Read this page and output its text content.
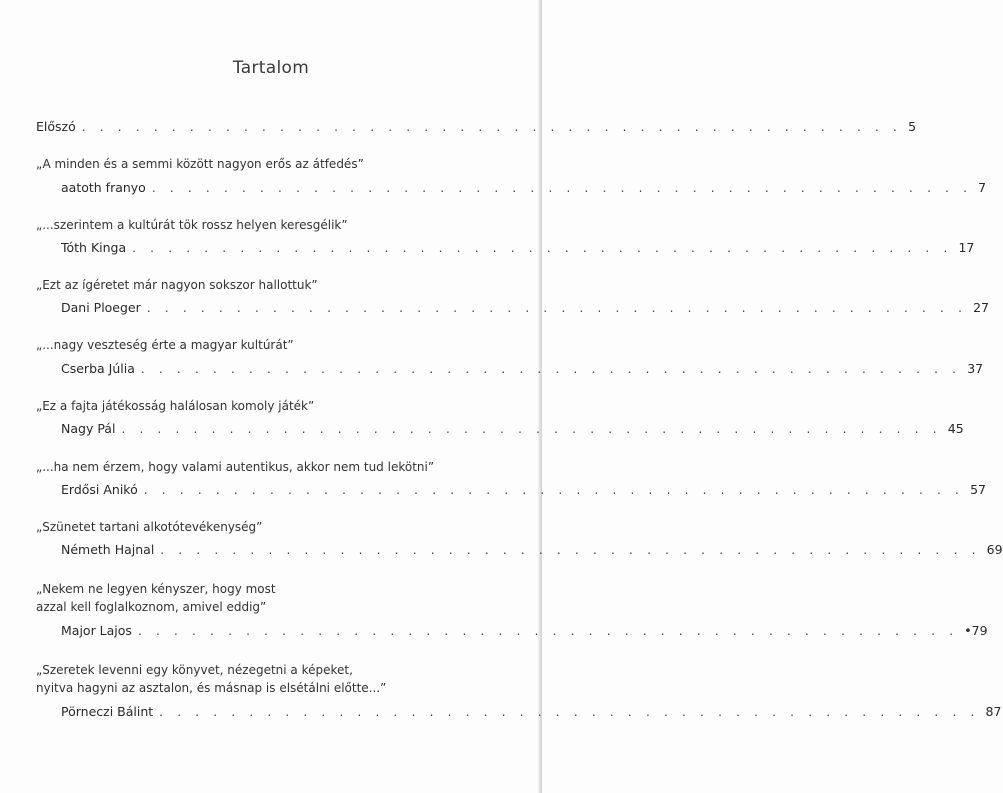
Tartalom
Előszó . . . . . . . . . . . . . . . . . . . . . . . . . . . . . . . . . . . . . . . . . . . . . . 5
„A minden és a semmi között nagyon erős az átfedés”
aatoth franyo . . . . . . . . . . . . . . . . . . . . . . . . . . . . . . . . . . . . . . . . . . . . . . 7
„...szerintem a kultúrát tök rossz helyen keresgélik”
Tóth Kinga . . . . . . . . . . . . . . . . . . . . . . . . . . . . . . . . . . . . . . . . . . . . . . 17
„Ezt az ígéretet már nagyon sokszor hallottuk”
Dani Ploeger . . . . . . . . . . . . . . . . . . . . . . . . . . . . . . . . . . . . . . . . . . . . . . 27
„...nagy veszteség érte a magyar kultúrát”
Cserba Júlia . . . . . . . . . . . . . . . . . . . . . . . . . . . . . . . . . . . . . . . . . . . . . . 37
„Ez a fajta játékosság halálosan komoly játék”
Nagy Pál . . . . . . . . . . . . . . . . . . . . . . . . . . . . . . . . . . . . . . . . . . . . . . 45
„...ha nem érzem, hogy valami autentikus, akkor nem tud lekötni”
Erdősi Anikó . . . . . . . . . . . . . . . . . . . . . . . . . . . . . . . . . . . . . . . . . . . . . . 57
„Szünetet tartani alkotótevékenység”
Németh Hajnal . . . . . . . . . . . . . . . . . . . . . . . . . . . . . . . . . . . . . . . . . . . . . . 69
„Nekem ne legyen kényszer, hogy most
azzal kell foglalkoznom, amivel eddig”
Major Lajos . . . . . . . . . . . . . . . . . . . . . . . . . . . . . . . . . . . . . . . . . . . . . . •79
„Szeretek levenni egy könyvet, nézegetni a képeket,
nyitva hagyni az asztalon, és másnap is elsétálni előtte...”
Pörneczi Bálint . . . . . . . . . . . . . . . . . . . . . . . . . . . . . . . . . . . . . . . . . . . . . . 87
